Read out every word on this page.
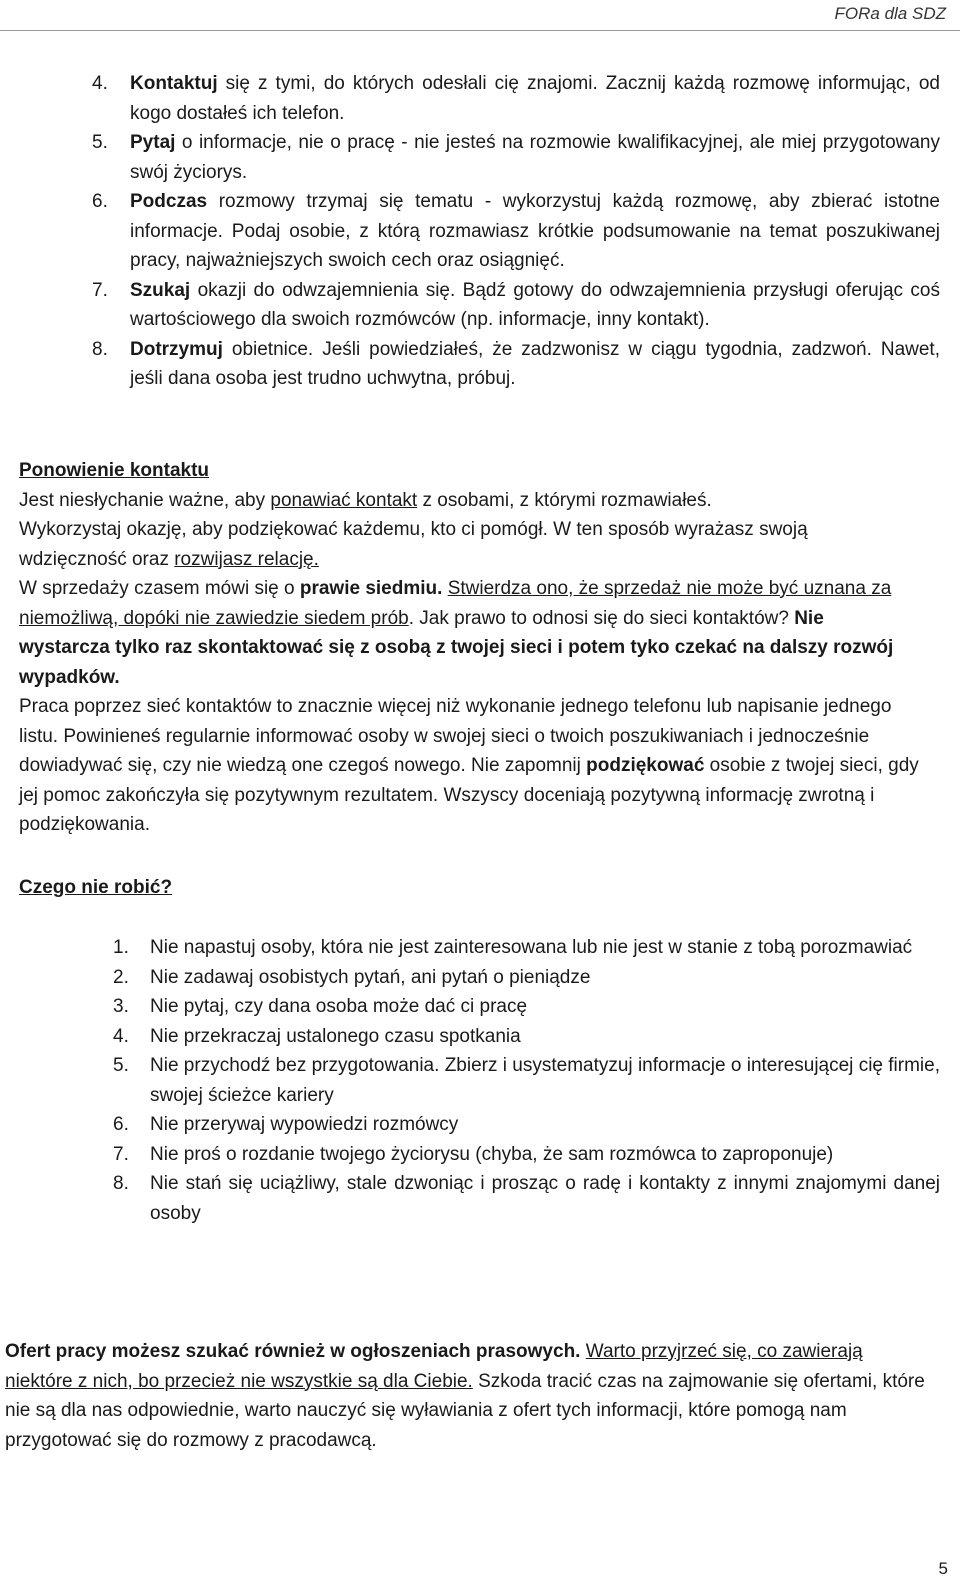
FORa dla SDZ
4. Kontaktuj się z tymi, do których odesłali cię znajomi. Zacznij każdą rozmowę informując, od kogo dostałeś ich telefon.
5. Pytaj o informacje, nie o pracę - nie jesteś na rozmowie kwalifikacyjnej, ale miej przygotowany swój życiorys.
6. Podczas rozmowy trzymaj się tematu - wykorzystuj każdą rozmowę, aby zbierać istotne informacje. Podaj osobie, z którą rozmawiasz krótkie podsumowanie na temat poszukiwanej pracy, najważniejszych swoich cech oraz osiągnięć.
7. Szukaj okazji do odwzajemnienia się. Bądź gotowy do odwzajemnienia przysługi oferując coś wartościowego dla swoich rozmówców (np. informacje, inny kontakt).
8. Dotrzymuj obietnice. Jeśli powiedziałeś, że zadzwonisz w ciągu tygodnia, zadzwoń. Nawet, jeśli dana osoba jest trudno uchwytna, próbuj.

Ponowienie kontaktu

Jest niesłychanie ważne, aby ponawiać kontakt z osobami, z którymi rozmawiałeś.

Wykorzystaj okazję, aby podziękować każdemu, kto ci pomógł. W ten sposób wyrażasz swoją wdzięczność oraz rozwijasz relację.

W sprzedaży czasem mówi się o prawie siedmiu. Stwierdza ono, że sprzedaż nie może być uznana za niemożliwą, dopóki nie zawiedzie siedem prób. Jak prawo to odnosi się do sieci kontaktów? Nie wystarcza tylko raz skontaktować się z osobą z twojej sieci i potem tyko czekać na dalszy rozwój wypadków.

Praca poprzez sieć kontaktów to znacznie więcej niż wykonanie jednego telefonu lub napisanie jednego listu. Powinieneś regularnie informować osoby w swojej sieci o twoich poszukiwaniach i jednocześnie dowiadywać się, czy nie wiedzą one czegoś nowego. Nie zapomnij podziękować osobie z twojej sieci, gdy jej pomoc zakończyła się pozytywnym rezultatem. Wszyscy doceniają pozytywną informację zwrotną i podziękowania.

Czego nie robić?

1. Nie napastuj osoby, która nie jest zainteresowana lub nie jest w stanie z tobą porozmawiać
2. Nie zadawaj osobistych pytań, ani pytań o pieniądze
3. Nie pytaj, czy dana osoba może dać ci pracę
4. Nie przekraczaj ustalonego czasu spotkania
5. Nie przychodź bez przygotowania. Zbierz i usystematyzuj informacje o interesującej cię firmie, swojej ścieżce kariery
6. Nie przerywaj wypowiedzi rozmówcy
7. Nie proś o rozdanie twojego życiorysu (chyba, że sam rozmówca to zaproponuje)
8. Nie stań się uciążliwy, stale dzwoniąc i prosząc o radę i kontakty z innymi znajomymi danej osoby

Ofert pracy możesz szukać również w ogłoszeniach prasowych. Warto przyjrzeć się, co zawierają niektóre z nich, bo przecież nie wszystkie są dla Ciebie. Szkoda tracić czas na zajmowanie się ofertami, które nie są dla nas odpowiednie, warto nauczyć się wyławiania z ofert tych informacji, które pomogą nam przygotować się do rozmowy z pracodawcą.

5
